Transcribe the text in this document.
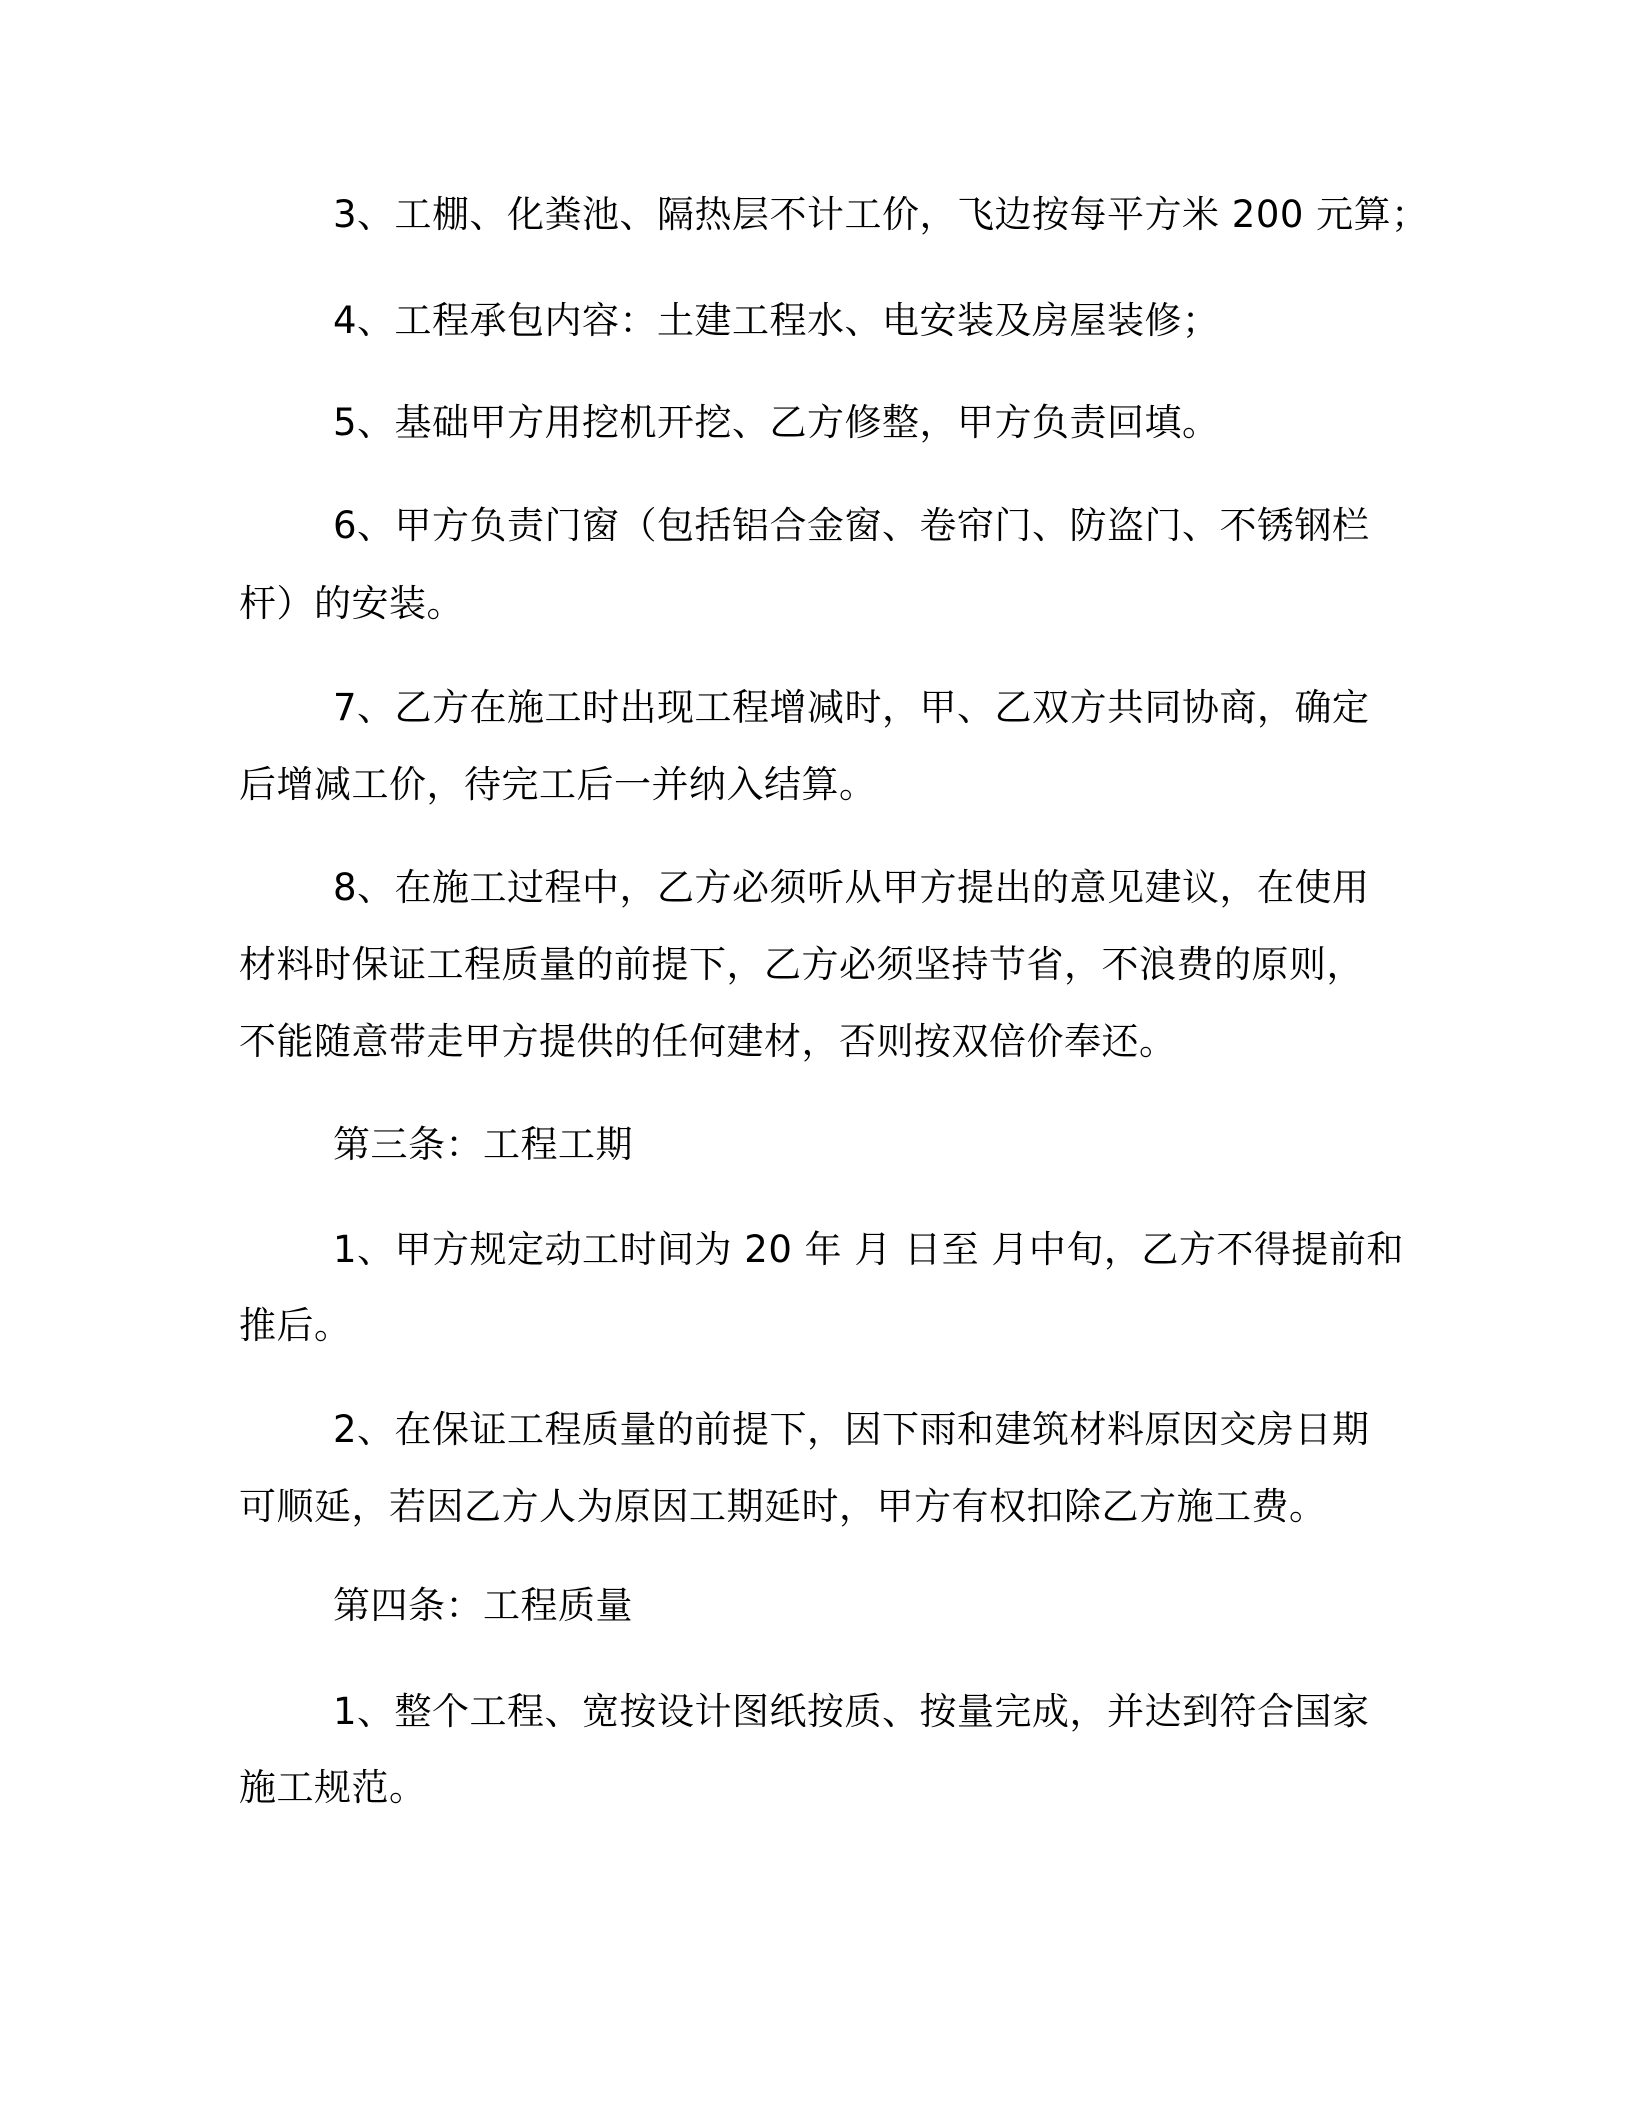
3、工棚、化粪池、隔热层不计工价，飞边按每平方米 200 元算；
4、工程承包内容：土建工程水、电安装及房屋装修；
5、基础甲方用挖机开挖、乙方修整，甲方负责回填。
6、甲方负责门窗（包括铝合金窗、卷帘门、防盗门、不锈钢栏
杆）的安装。
7、乙方在施工时出现工程增减时，甲、乙双方共同协商，确定
后增减工价，待完工后一并纳入结算。
8、在施工过程中，乙方必须听从甲方提出的意见建议，在使用
材料时保证工程质量的前提下，乙方必须坚持节省，不浪费的原则，
不能随意带走甲方提供的任何建材，否则按双倍价奉还。
第三条：工程工期
1、甲方规定动工时间为 20 年 月 日至 月中旬，乙方不得提前和
推后。
2、在保证工程质量的前提下，因下雨和建筑材料原因交房日期
可顺延，若因乙方人为原因工期延时，甲方有权扣除乙方施工费。
第四条：工程质量
1、整个工程、宽按设计图纸按质、按量完成，并达到符合国家
施工规范。
